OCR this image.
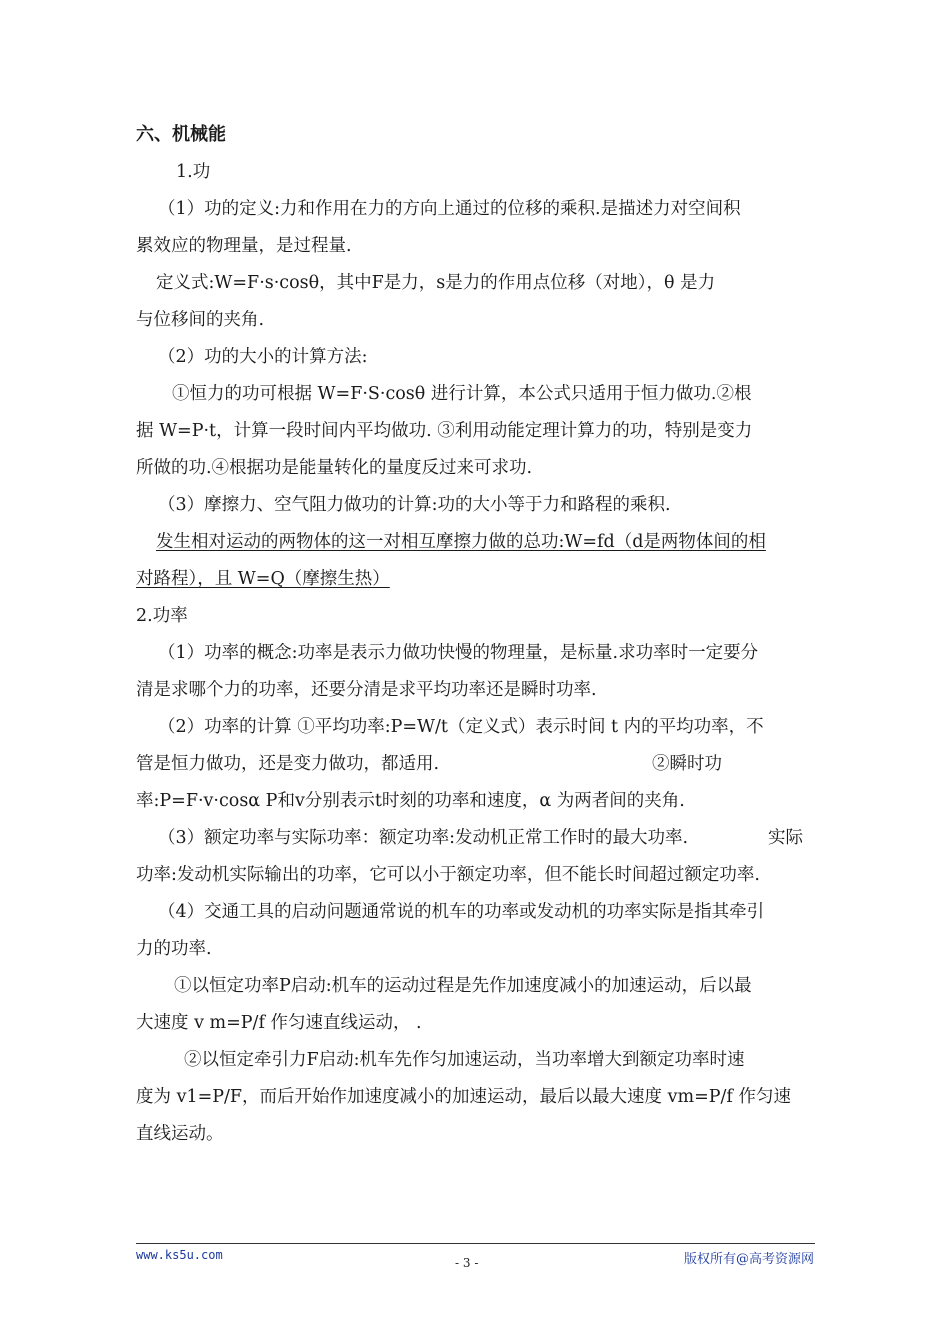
六、机械能
1.功
（1）功的定义:力和作用在力的方向上通过的位移的乘积.是描述力对空间积
累效应的物理量，是过程量.
定义式:W=F·s·cosθ，其中F是力，s是力的作用点位移（对地），θ 是力
与位移间的夹角.
（2）功的大小的计算方法:
①恒力的功可根据 W=F·S·cosθ 进行计算，本公式只适用于恒力做功.②根
据 W=P·t，计算一段时间内平均做功. ③利用动能定理计算力的功，特别是变力
所做的功.④根据功是能量转化的量度反过来可求功.
（3）摩擦力、空气阻力做功的计算:功的大小等于力和路程的乘积.
发生相对运动的两物体的这一对相互摩擦力做的总功:W=fd（d是两物体间的相
对路程），且 W=Q（摩擦生热）
2.功率
（1）功率的概念:功率是表示力做功快慢的物理量，是标量.求功率时一定要分
清是求哪个力的功率，还要分清是求平均功率还是瞬时功率.
（2）功率的计算 ①平均功率:P=W/t（定义式）表示时间 t 内的平均功率，不
管是恒力做功，还是变力做功，都适用.	②瞬时功
率:P=F·v·cosα P和v分别表示t时刻的功率和速度，α 为两者间的夹角.
（3）额定功率与实际功率：额定功率:发动机正常工作时的最大功率.	实际
功率:发动机实际输出的功率，它可以小于额定功率，但不能长时间超过额定功率.
（4）交通工具的启动问题通常说的机车的功率或发动机的功率实际是指其牵引
力的功率.
①以恒定功率P启动:机车的运动过程是先作加速度减小的加速运动，后以最
大速度 v m=P/f 作匀速直线运动， .
②以恒定牵引力F启动:机车先作匀加速运动，当功率增大到额定功率时速
度为 v1=P/F，而后开始作加速度减小的加速运动，最后以最大速度 vm=P/f 作匀速
直线运动。
www.ks5u.com
- 3 -	版权所有@高考资源网
